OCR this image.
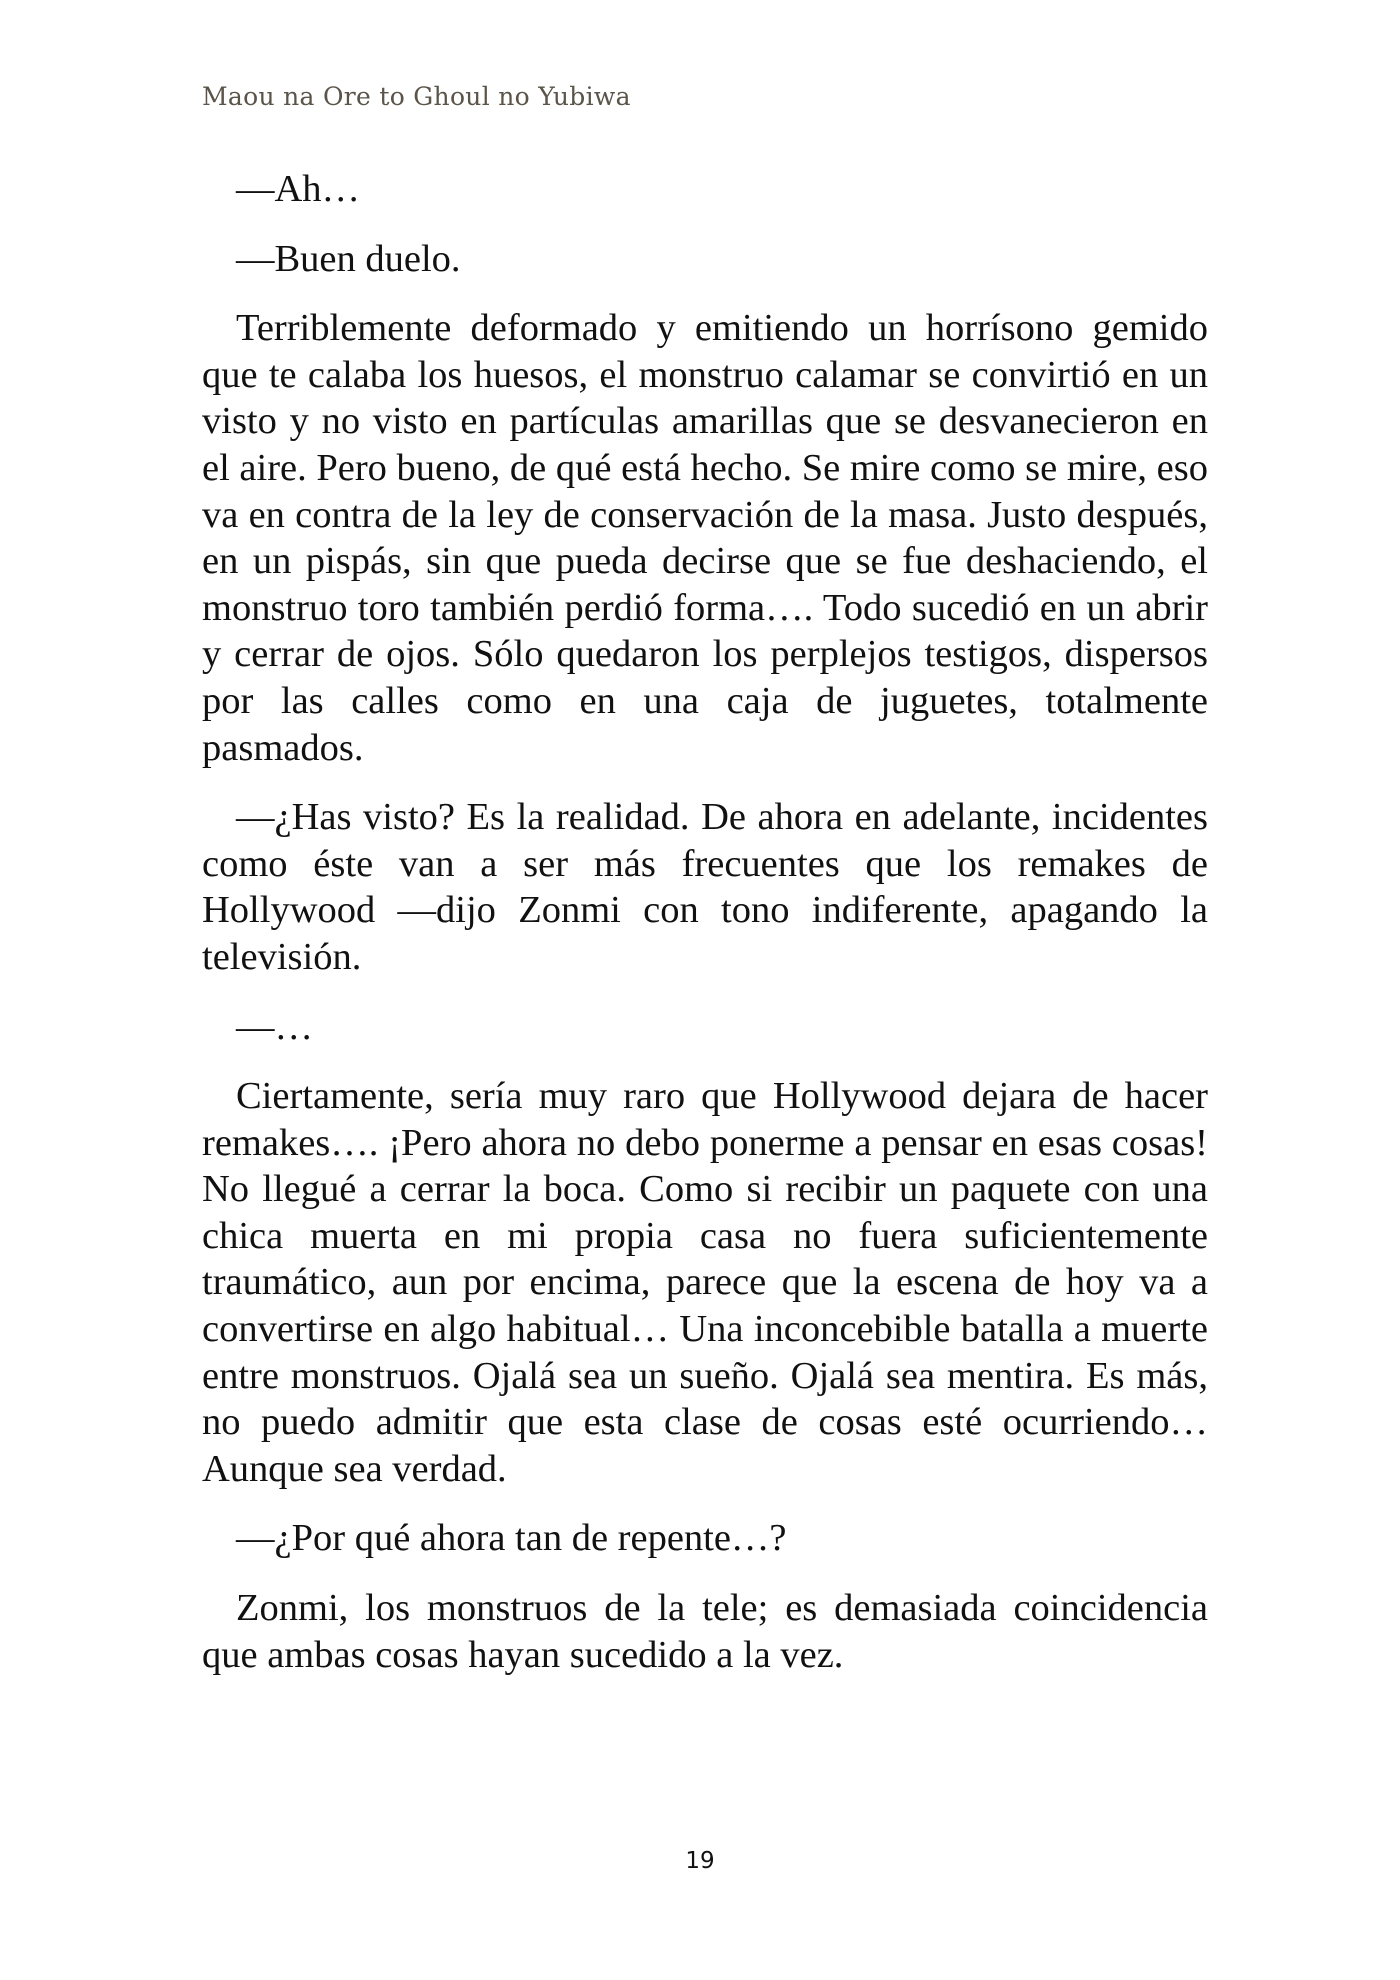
Maou na Ore to Ghoul no Yubiwa

—Ah…

—Buen duelo.

Terriblemente deformado y emitiendo un horrísono gemido que te calaba los huesos, el monstruo calamar se convirtió en un visto y no visto en partículas amarillas que se desvanecieron en el aire. Pero bueno, de qué está hecho. Se mire como se mire, eso va en contra de la ley de conservación de la masa. Justo después, en un pispás, sin que pueda decirse que se fue deshaciendo, el monstruo toro también perdió forma…. Todo sucedió en un abrir y cerrar de ojos. Sólo quedaron los perplejos testigos, dispersos por las calles como en una caja de juguetes, totalmente pasmados.

—¿Has visto? Es la realidad. De ahora en adelante, incidentes como éste van a ser más frecuentes que los remakes de Hollywood —dijo Zonmi con tono indiferente, apagando la televisión.

—…

Ciertamente, sería muy raro que Hollywood dejara de hacer remakes…. ¡Pero ahora no debo ponerme a pensar en esas cosas! No llegué a cerrar la boca. Como si recibir un paquete con una chica muerta en mi propia casa no fuera suficientemente traumático, aun por encima, parece que la escena de hoy va a convertirse en algo habitual… Una inconcebible batalla a muerte entre monstruos. Ojalá sea un sueño. Ojalá sea mentira. Es más, no puedo admitir que esta clase de cosas esté ocurriendo… Aunque sea verdad.

—¿Por qué ahora tan de repente…?

Zonmi, los monstruos de la tele; es demasiada coincidencia que ambas cosas hayan sucedido a la vez.

19
